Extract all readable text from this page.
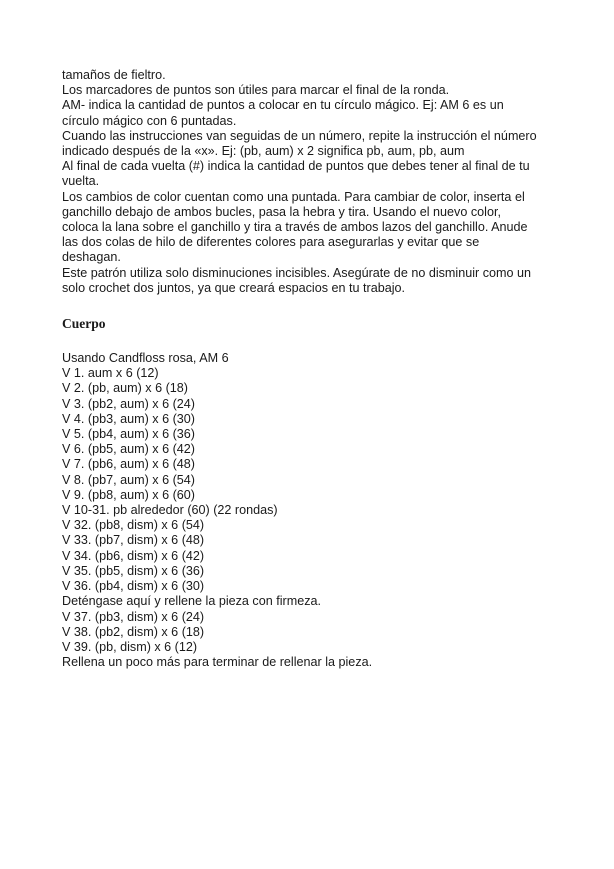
tamaños de fieltro.

Los marcadores de puntos son útiles para marcar el final de la ronda.

AM- indica la cantidad de puntos a colocar en tu círculo mágico. Ej: AM 6 es un
círculo mágico con 6 puntadas.

Cuando las instrucciones van seguidas de un número, repite la instrucción el número
indicado después de la «x». Ej: (pb, aum) x 2 significa pb, aum, pb, aum

Al final de cada vuelta (#) indica la cantidad de puntos que debes tener al final de tu
vuelta.

Los cambios de color cuentan como una puntada. Para cambiar de color, inserta el
ganchillo debajo de ambos bucles, pasa la hebra y tira. Usando el nuevo color,
coloca la lana sobre el ganchillo y tira a través de ambos lazos del ganchillo. Anude
las dos colas de hilo de diferentes colores para asegurarlas y evitar que se
deshagan.

Este patrón utiliza solo disminuciones incisibles. Asegúrate de no disminuir como un
solo crochet dos juntos, ya que creará espacios en tu trabajo.

Cuerpo

Usando Candfloss rosa, AM 6

V 1. aum x 6 (12)

V 2. (pb, aum) x 6 (18)

V 3. (pb2, aum) x 6 (24)

V 4. (pb3, aum) x 6 (30)

V 5. (pb4, aum) x 6 (36)

V 6. (pb5, aum) x 6 (42)

V 7. (pb6, aum) x 6 (48)

V 8. (pb7, aum) x 6 (54)

V 9. (pb8, aum) x 6 (60)

V 10-31. pb alrededor (60) (22 rondas)

V 32. (pb8, dism) x 6 (54)

V 33. (pb7, dism) x 6 (48)

V 34. (pb6, dism) x 6 (42)

V 35. (pb5, dism) x 6 (36)

V 36. (pb4, dism) x 6 (30)

Deténgase aquí y rellene la pieza con firmeza.

V 37. (pb3, dism) x 6 (24)

V 38. (pb2, dism) x 6 (18)

V 39. (pb, dism) x 6 (12)

Rellena un poco más para terminar de rellenar la pieza.
